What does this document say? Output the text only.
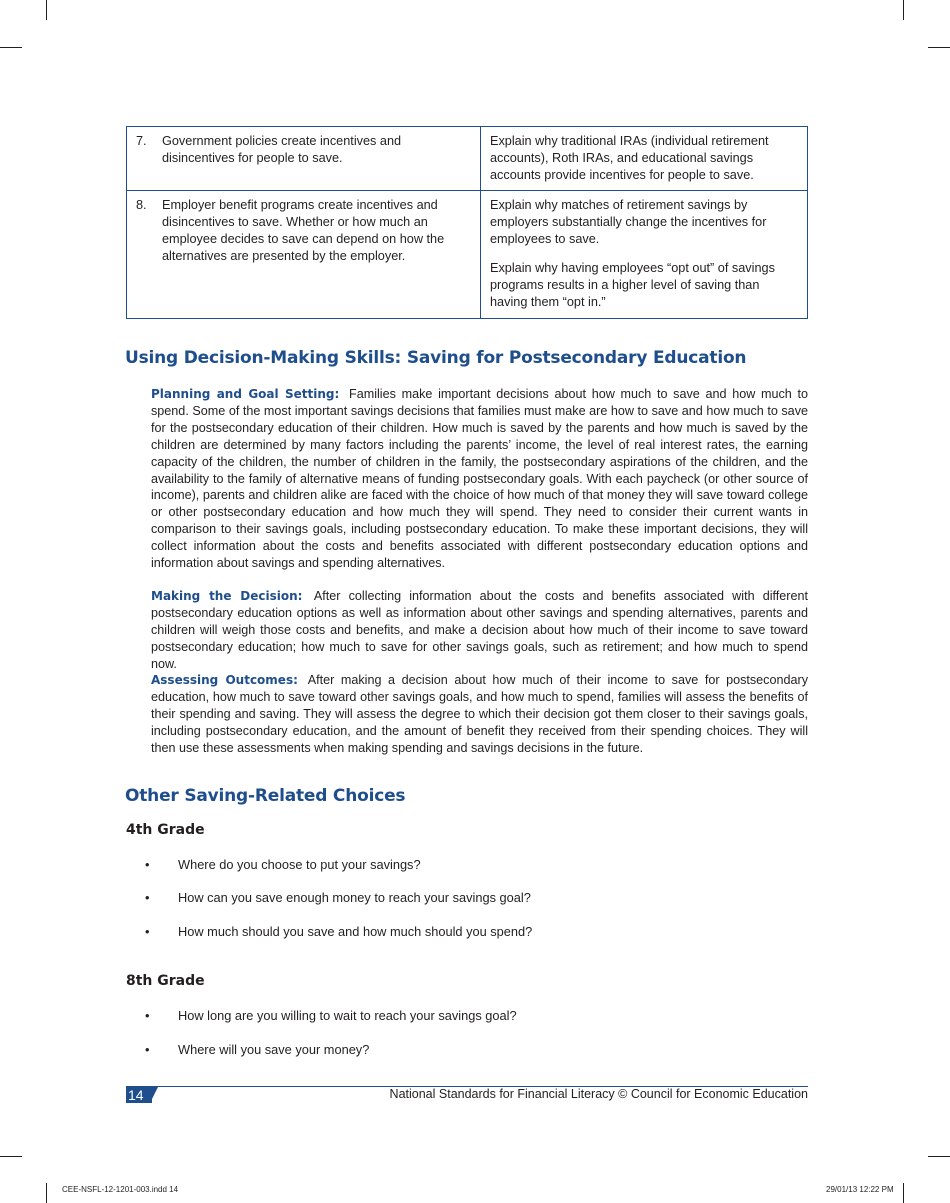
7. Government policies create incentives and disincentives for people to save.	Explain why traditional IRAs (individual retirement accounts), Roth IRAs, and educational savings accounts provide incentives for people to save.

8. Employer benefit programs create incentives and disincentives to save. Whether or how much an employee decides to save can depend on how the alternatives are presented by the employer.	Explain why matches of retirement savings by employers substantially change the incentives for employees to save.
Explain why having employees “opt out” of savings programs results in a higher level of saving than having them “opt in.”
Using Decision-Making Skills: Saving for Postsecondary Education

Planning and Goal Setting: Families make important decisions about how much to save and how much to spend. Some of the most important savings decisions that families must make are how to save and how much to save for the postsecondary education of their children. How much is saved by the parents and how much is saved by the children are determined by many factors including the parents’ income, the level of real interest rates, the earning capacity of the children, the number of children in the family, the postsecondary aspirations of the children, and the availability to the family of alternative means of funding postsecondary goals. With each paycheck (or other source of income), parents and children alike are faced with the choice of how much of that money they will save toward college or other postsecondary education and how much they will spend. They need to consider their current wants in comparison to their savings goals, including postsecondary education. To make these important decisions, they will collect information about the costs and benefits associated with different postsecondary education options and information about savings and spending alternatives.

Making the Decision: After collecting information about the costs and benefits associated with different postsecondary education options as well as information about other savings and spending alternatives, parents and children will weigh those costs and benefits, and make a decision about how much of their income to save toward postsecondary education; how much to save for other savings goals, such as retirement; and how much to spend now.

Assessing Outcomes: After making a decision about how much of their income to save for postsecondary education, how much to save toward other savings goals, and how much to spend, families will assess the benefits of their spending and saving. They will assess the degree to which their decision got them closer to their savings goals, including postsecondary education, and the amount of benefit they received from their spending choices. They will then use these assessments when making spending and savings decisions in the future.

Other Saving-Related Choices
4th Grade
• Where do you choose to put your savings?
• How can you save enough money to reach your savings goal?
• How much should you save and how much should you spend?
8th Grade
• How long are you willing to wait to reach your savings goal?
• Where will you save your money?
14	National Standards for Financial Literacy © Council for Economic Education
CEE-NSFL-12-1201-003.indd 14	29/01/13 12:22 PM
